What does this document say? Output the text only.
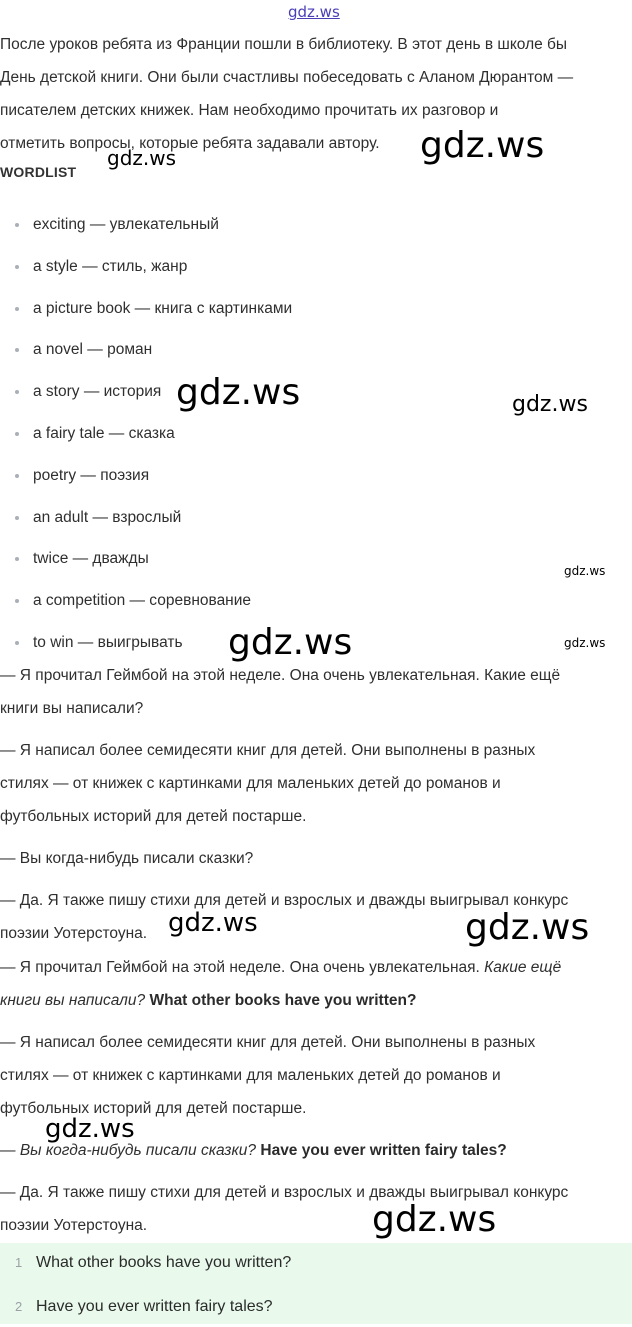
gdz.ws

После уроков ребята из Франции пошли в библиотеку. В этот день в школе бы

День детской книги. Они были счастливы побеседовать с Аланом Дюрантом —

писателем детских книжек. Нам необходимо прочитать их разговор и

отметить вопросы, которые ребята задавали автору.	gdz.ws
gdz.ws
WORDLIST
exciting — увлекательный
a style — стиль, жанр
a picture book — книга с картинками
a novel — роман
a story — история
a fairy tale — сказка
poetry — поэзия
an adult — взрослый
twice — дважды
a competition — соревнование
to win — выигрывать
gdz.ws	gdz.ws
gdz.ws
gdz.ws	gdz.ws

— Я прочитал Геймбой на этой неделе. Она очень увлекательная. Какие ещё

книги вы написали?

— Я написал более семидесяти книг для детей. Они выполнены в разных

стилях — от книжек с картинками для маленьких детей до романов и

футбольных историй для детей постарше.

— Вы когда-нибудь писали сказки?

— Да. Я также пишу стихи для детей и взрослых и дважды выигрывал конкурс

поэзии Уотерстоуна. gdz.ws	gdz.ws

— Я прочитал Геймбой на этой неделе. Она очень увлекательная. Какие ещё

книги вы написали? What other books have you written?

— Я написал более семидесяти книг для детей. Они выполнены в разных

стилях — от книжек с картинками для маленьких детей до романов и

футбольных историй для детей постарше.

— Вы когда-нибудь писали сказки? Have you ever written fairy tales?

— Да. Я также пишу стихи для детей и взрослых и дважды выигрывал конкурс

поэзии Уотерстоуна.

gdz.ws
gdz.ws
1 What other books have you written?
2 Have you ever written fairy tales?
